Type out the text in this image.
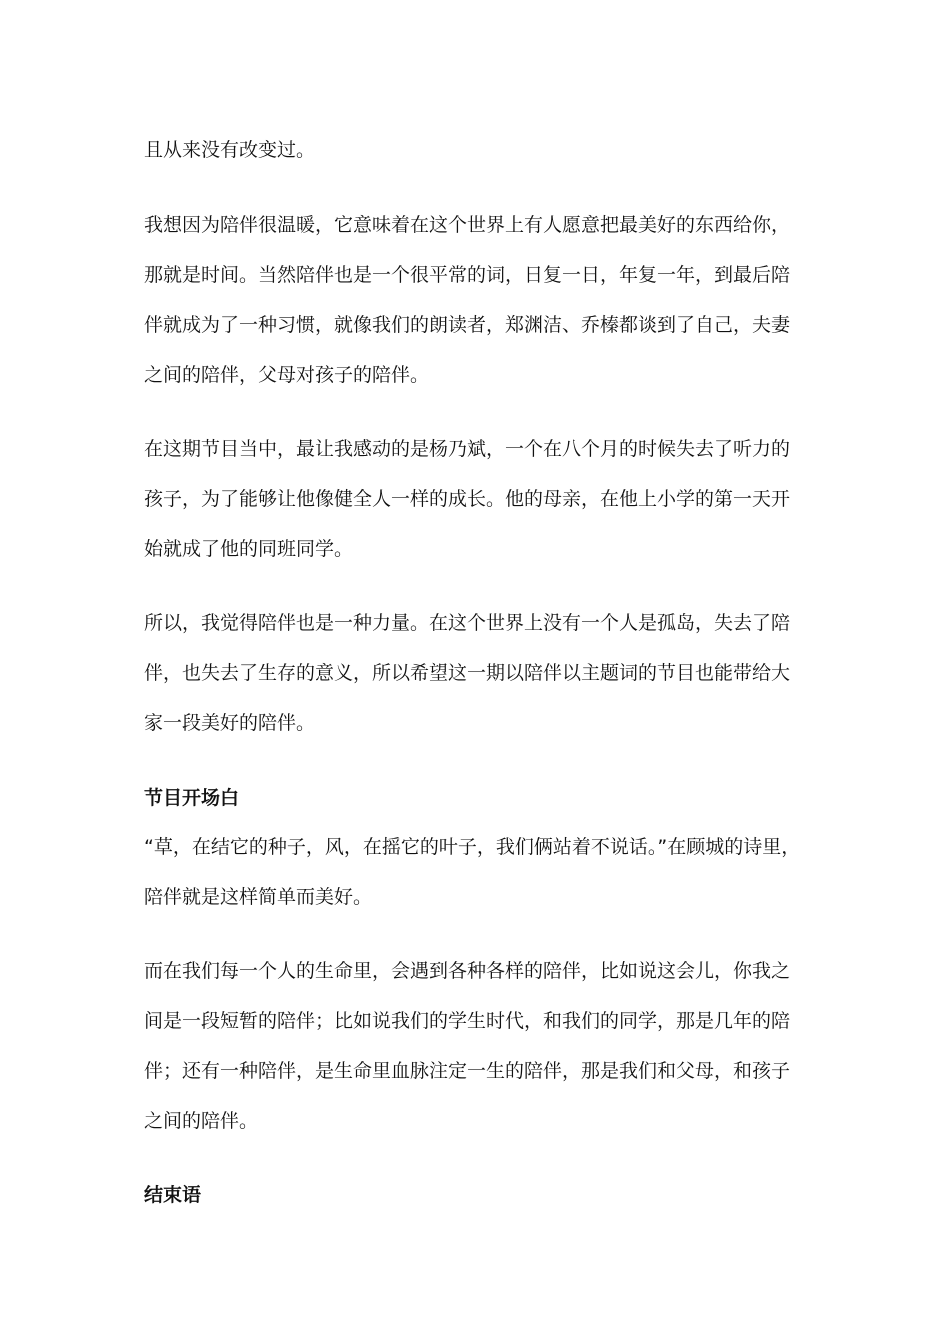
且从来没有改变过。
我想因为陪伴很温暖，它意味着在这个世界上有人愿意把最美好的东西给你，
那就是时间。当然陪伴也是一个很平常的词，日复一日，年复一年，到最后陪
伴就成为了一种习惯，就像我们的朗读者，郑渊洁、乔榛都谈到了自己，夫妻
之间的陪伴，父母对孩子的陪伴。
在这期节目当中，最让我感动的是杨乃斌，一个在八个月的时候失去了听力的
孩子，为了能够让他像健全人一样的成长。他的母亲，在他上小学的第一天开
始就成了他的同班同学。
所以，我觉得陪伴也是一种力量。在这个世界上没有一个人是孤岛，失去了陪
伴，也失去了生存的意义，所以希望这一期以陪伴以主题词的节目也能带给大
家一段美好的陪伴。
节目开场白
“草，在结它的种子，风，在摇它的叶子，我们俩站着不说话。”在顾城的诗里，
陪伴就是这样简单而美好。
而在我们每一个人的生命里，会遇到各种各样的陪伴，比如说这会儿，你我之
间是一段短暂的陪伴；比如说我们的学生时代，和我们的同学，那是几年的陪
伴；还有一种陪伴，是生命里血脉注定一生的陪伴，那是我们和父母，和孩子
之间的陪伴。
结束语
